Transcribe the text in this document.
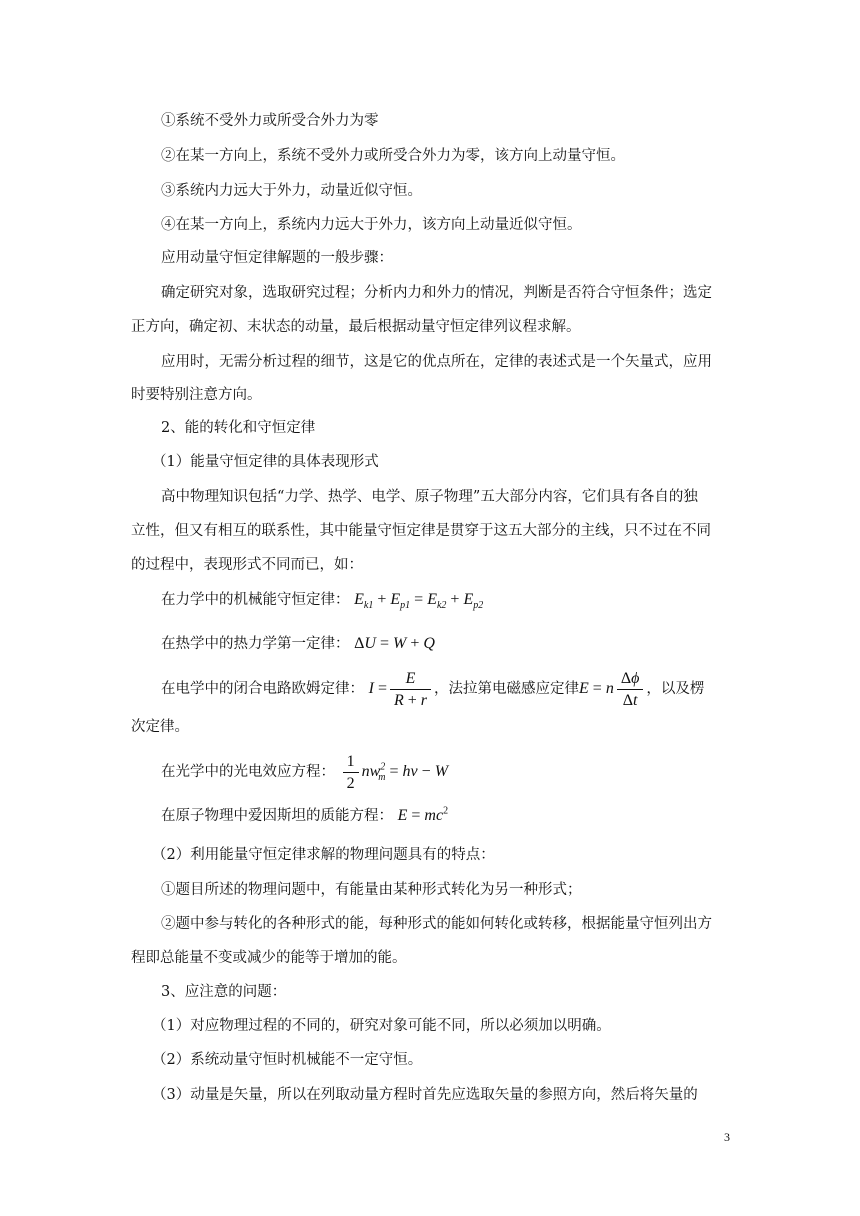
①系统不受外力或所受合外力为零
②在某一方向上，系统不受外力或所受合外力为零，该方向上动量守恒。
③系统内力远大于外力，动量近似守恒。
④在某一方向上，系统内力远大于外力，该方向上动量近似守恒。
应用动量守恒定律解题的一般步骤：
确定研究对象，选取研究过程；分析内力和外力的情况，判断是否符合守恒条件；选定
正方向，确定初、末状态的动量，最后根据动量守恒定律列议程求解。
应用时，无需分析过程的细节，这是它的优点所在，定律的表述式是一个矢量式，应用
时要特别注意方向。
2、能的转化和守恒定律
（1）能量守恒定律的具体表现形式
高中物理知识包括“力学、热学、电学、原子物理”五大部分内容，它们具有各自的独
立性，但又有相互的联系性，其中能量守恒定律是贯穿于这五大部分的主线，只不过在不同
的过程中，表现形式不同而已，如：
在力学中的机械能守恒定律： $E_{k1} + E_{p1} = E_{k2} + E_{p2}$
在热学中的热力学第一定律： ΔU = W + Q
在电学中的闭合电路欧姆定律： $I = \frac{E}{R + r}$ ，法拉第电磁感应定律E = n $\frac{\Delta\phi}{\Delta t}$ ，以及楞
次定律。
在光学中的光电效应方程： $\frac{1}{2} nw^2_m$ = hv − W
在原子物理中爱因斯坦的质能方程： $E = mc^2$
（2）利用能量守恒定律求解的物理问题具有的特点：
①题目所述的物理问题中，有能量由某种形式转化为另一种形式；
②题中参与转化的各种形式的能，每种形式的能如何转化或转移，根据能量守恒列出方
程即总能量不变或减少的能等于增加的能。
3、应注意的问题：
（1）对应物理过程的不同的，研究对象可能不同，所以必须加以明确。
（2）系统动量守恒时机械能不一定守恒。
（3）动量是矢量，所以在列取动量方程时首先应选取矢量的参照方向，然后将矢量的
3
